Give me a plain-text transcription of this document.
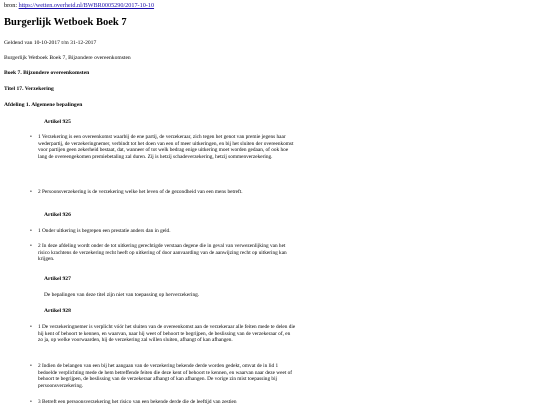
bron: https://wetten.overheid.nl/BWBR0005290/2017-10-10
Burgerlijk Wetboek Boek 7

Geldend van 10-10-2017 t/m 31-12-2017

Burgerlijk Wetboek Boek 7, Bijzondere overeenkomsten

Boek 7. Bijzondere overeenkomsten

Titel 17. Verzekering

Afdeling 1. Algemene bepalingen

Artikel 925

• 1 Verzekering is een overeenkomst waarbij de ene partij, de verzekeraar, zich tegen het genot van premie jegens haar wederpartij, de verzekeringnemer, verbindt tot het doen van een of meer uitkeringen, en bij het sluiten der overeenkomst voor partijen geen zekerheid bestaat, dat, wanneer of tot welk bedrag enige uitkering moet worden gedaan, of ook hoe lang de overeengekomen premiebetaling zal duren. Zij is hetzij schadeverzekering, hetzij sommenverzekering.

• 2 Persoonsverzekering is de verzekering welke het leven of de gezondheid van een mens betreft.

Artikel 926

• 1 Onder uitkering is begrepen een prestatie anders dan in geld.

• 2 In deze afdeling wordt onder de tot uitkering gerechtigde verstaan degene die in geval van verwezenlijking van het risico krachtens de verzekering recht heeft op uitkering of door aanvaarding van de aanwijzing recht op uitkering kan krijgen.

Artikel 927

De bepalingen van deze titel zijn niet van toepassing op herverzekering.

Artikel 928

• 1 De verzekeringnemer is verplicht vóór het sluiten van de overeenkomst aan de verzekeraar alle feiten mede te delen die hij kent of behoort te kennen, en waarvan, naar hij weet of behoort te begrijpen, de beslissing van de verzekeraar of, en zo ja, op welke voorwaarden, hij de verzekering zal willen sluiten, afhangt of kan afhangen.

• 2 Indien de belangen van een bij het aangaan van de verzekering bekende derde worden gedekt, omvat de in lid 1 bedoelde verplichting mede de hem betreffende feiten die deze kent of behoort te kennen, en waarvan naar deze weet of behoort te begrijpen, de beslissing van de verzekeraar afhangt of kan afhangen. De vorige zin mist toepassing bij persoonsverzekering.

• 3 Betreft een persoonsverzekering het risico van een bekende derde die de leeftijd van zestien
